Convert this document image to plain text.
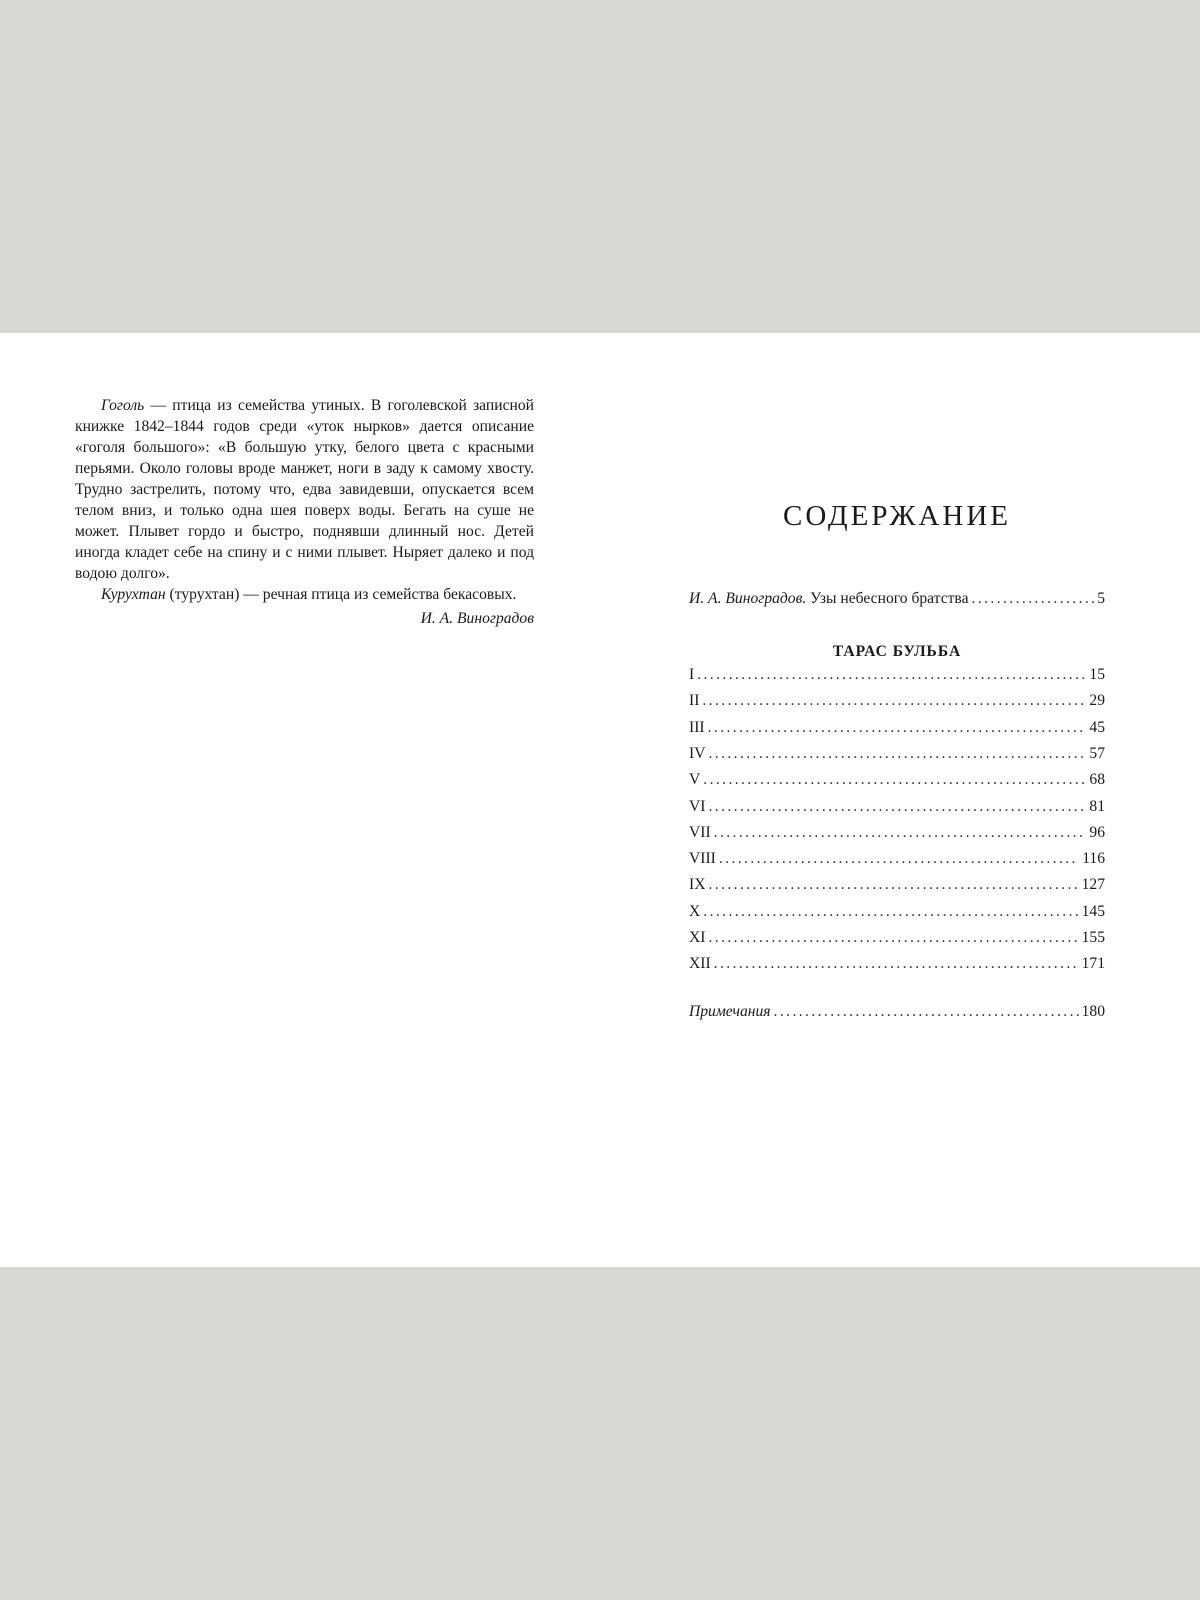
Гоголь — птица из семейства утиных. В гоголевской записной книжке 1842–1844 годов среди «уток нырков» дается описание «гоголя большого»: «В большую утку, белого цвета с красными перьями. Около головы вроде манжет, ноги в заду к самому хвосту. Трудно застрелить, потому что, едва завидевши, опускается всем телом вниз, и только одна шея поверх воды. Бегать на суше не может. Плывет гордо и быстро, поднявши длинный нос. Детей иногда кладет себе на спину и с ними плывет. Ныряет далеко и под водою долго».

Курухтан (турухтан) — речная птица из семейства бекасовых.

И. А. Виноградов
СОДЕРЖАНИЕ
И. А. Виноградов. Узы небесного братства .....	5
ТАРАС БУЛЬБА
I .....	15
II .....	29
III .....	45
IV .....	57
V .....	68
VI .....	81
VII .....	96
VIII .....	116
IX .....	127
X .....	145
XI .....	155
XII .....	171
Примечания .....	180
